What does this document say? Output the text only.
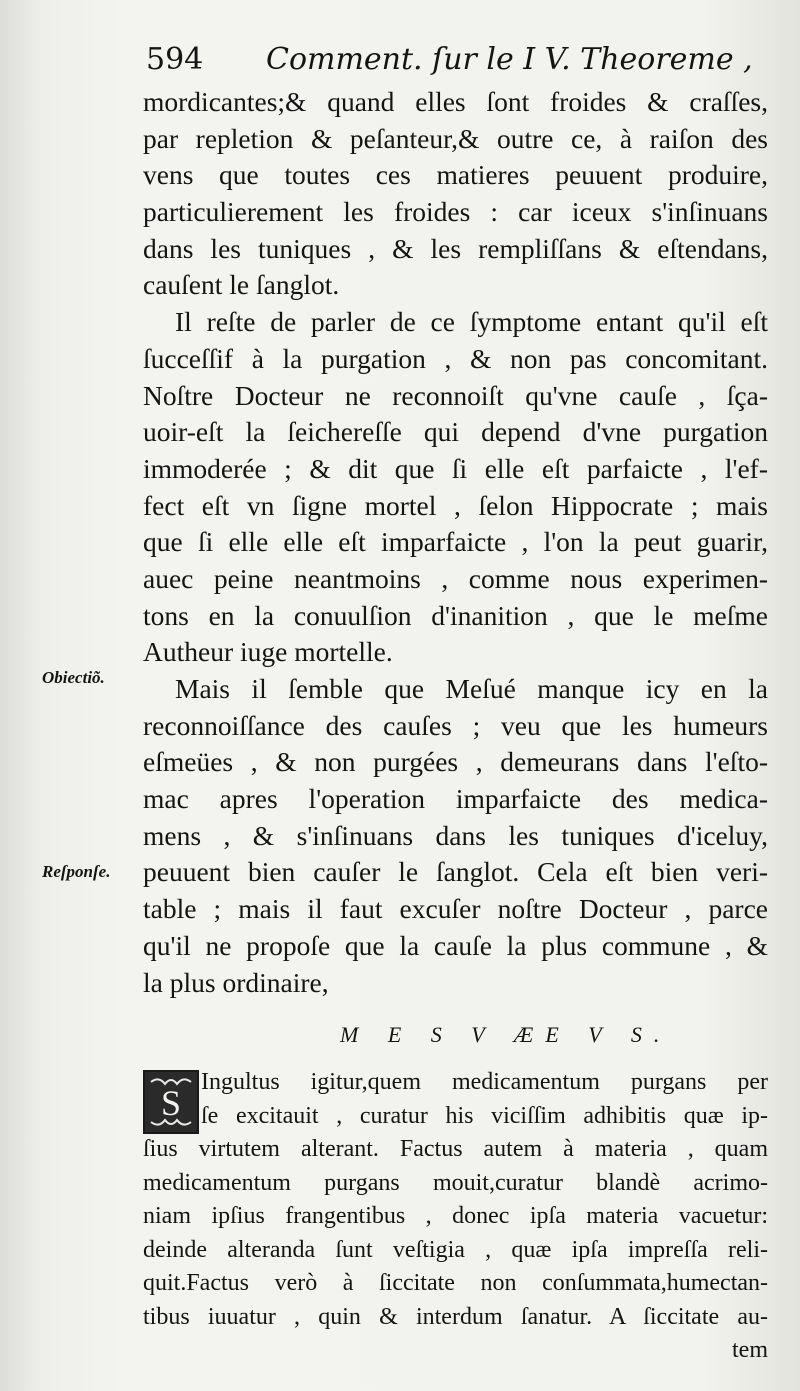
594 Comment. ſur le I V. Theoreme ,
mordicantes;& quand elles ſont froides & craſſes,
par repletion & peſanteur,& outre ce, à raiſon des
vens que toutes ces matieres peuuent produire,
particulierement les froides : car iceux s'inſinuans
dans les tuniques , & les rempliſſans & eſtendans,
cauſent le ſanglot.
Il reſte de parler de ce ſymptome entant qu'il eſt
ſucceſſif à la purgation , & non pas concomitant.
Noſtre Docteur ne reconnoiſt qu'vne cauſe , ſça-
uoir-eſt la ſeichereſſe qui depend d'vne purgation
immoderée ; & dit que ſi elle eſt parfaicte , l'ef-
fect eſt vn ſigne mortel , ſelon Hippocrate ; mais
que ſi elle elle eſt imparfaicte , l'on la peut guarir,
auec peine neantmoins , comme nous experimen-
tons en la conuulſion d'inanition , que le meſme
Autheur iuge mortelle.
Mais il ſemble que Meſué manque icy en la
reconnoiſſance des cauſes ; veu que les humeurs
eſmeües , & non purgées , demeurans dans l'eſto-
mac apres l'operation imparfaicte des medica-
mens , & s'inſinuans dans les tuniques d'iceluy,
peuuent bien cauſer le ſanglot. Cela eſt bien veri-
table ; mais il faut excuſer noſtre Docteur , parce
qu'il ne propoſe que la cauſe la plus commune , &
la plus ordinaire,
Obiectiõ.
Reſponſe.
M E S V ÆE V S.
S
Ingultus igitur,quem medicamentum purgans per
ſe excitauit , curatur his viciſſim adhibitis quæ ip-
ſius virtutem alterant. Factus autem à materia , quam
medicamentum purgans mouit,curatur blandè acrimo-
niam ipſius frangentibus , donec ipſa materia vacuetur:
deinde alteranda ſunt veſtigia , quæ ipſa impreſſa reli-
quit.Factus verò à ſiccitate non conſummata,humectan-
tibus iuuatur , quin & interdum ſanatur. A ſiccitate au-
tem
